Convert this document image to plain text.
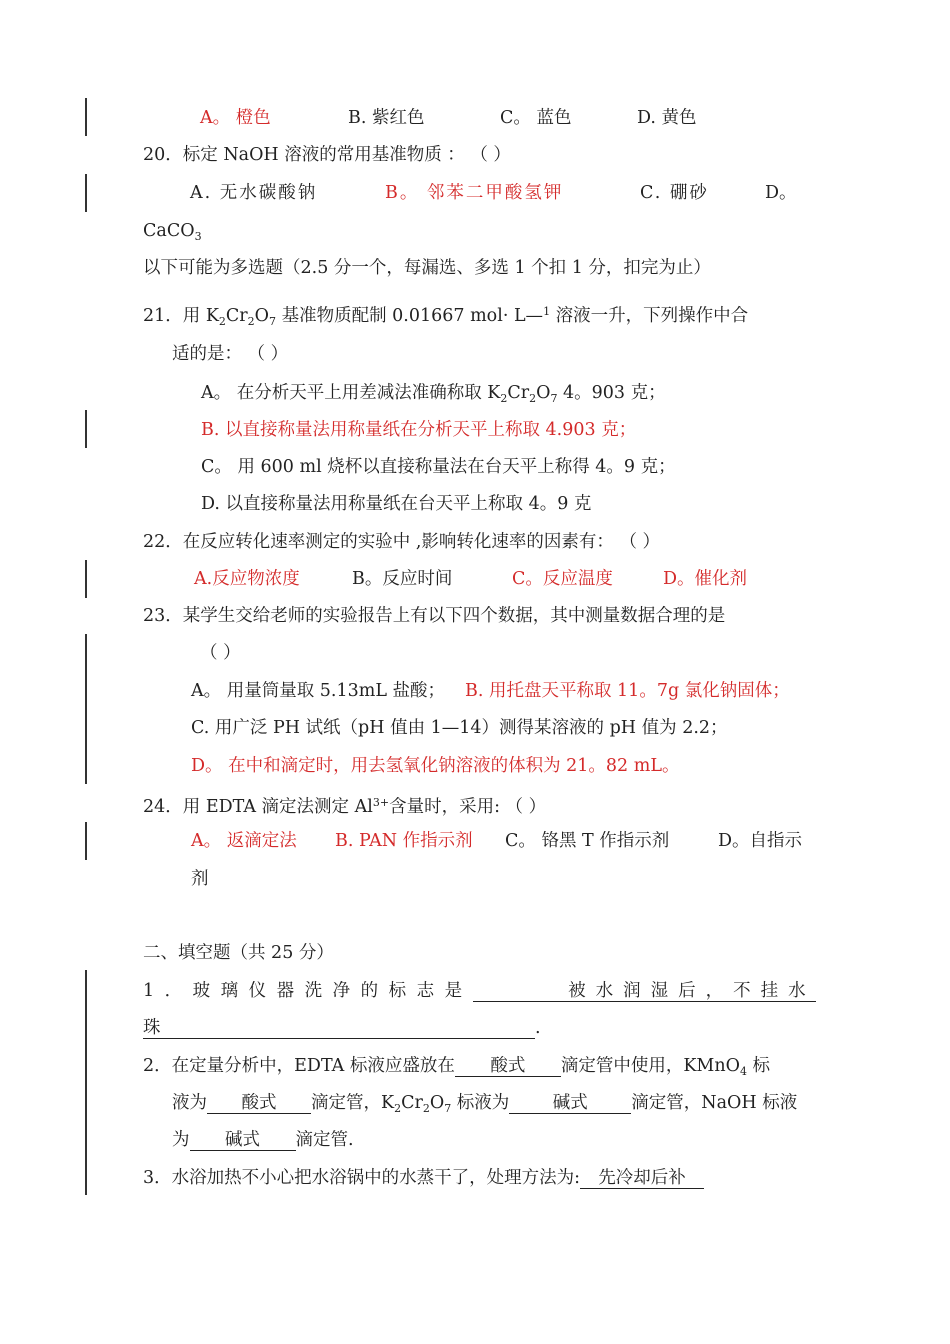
A。 橙色	B. 紫红色	C。 蓝色	D. 黄色
20．标定 NaOH 溶液的常用基准物质 ： （ ）
A. 无水碳酸钠	B。 邻苯二甲酸氢钾	C. 硼砂	D。
CaCO$_3$
以下可能为多选题（2.5 分一个，每漏选、多选 1 个扣 1 分，扣完为止）
21．用 $K_2Cr_2O_7$ 基准物质配制 0.01667 mol· L—$^1$ 溶液一升，下列操作中合
适的是： （ ）
A。 在分析天平上用差减法准确称取 $K_2Cr_2O_7$ 4。903 克；
B. 以直接称量法用称量纸在分析天平上称取 4.903 克；
C。 用 600 ml 烧杯以直接称量法在台天平上称得 4。9 克；
D. 以直接称量法用称量纸在台天平上称取 4。9 克
22．在反应转化速率测定的实验中 ,影响转化速率的因素有： （ ）
A.反应物浓度	B。反应时间	C。反应温度	D。催化剂
23．某学生交给老师的实验报告上有以下四个数据，其中测量数据合理的是
（ ）
A。 用量筒量取 5.13mL 盐酸； B. 用托盘天平称取 11。7g 氯化钠固体；
C. 用广泛 PH 试纸（pH 值由 1—14）测得某溶液的 pH 值为 2.2；
D。 在中和滴定时，用去氢氧化钠溶液的体积为 21。82 mL。
24．用 EDTA 滴定法测定 $Al^{3+}$含量时，采用: （ ）
A。 返滴定法 B. PAN 作指示剂 C。 铬黑 T 作指示剂	D。自指示
剂
二、填空题（共 25 分）
1．玻璃仪器洗净的标志是	被水润湿后，不挂水
珠	.
2．在定量分析中，EDTA 标液应盛放在 酸式 滴定管中使用，KMnO$_4$ 标
液为 酸式 滴定管，$K_2Cr_2O_7$ 标液为 碱式 滴定管，NaOH 标液
为 碱式 滴定管.
3．水浴加热不小心把水浴锅中的水蒸干了，处理方法为: 先冷却后补
